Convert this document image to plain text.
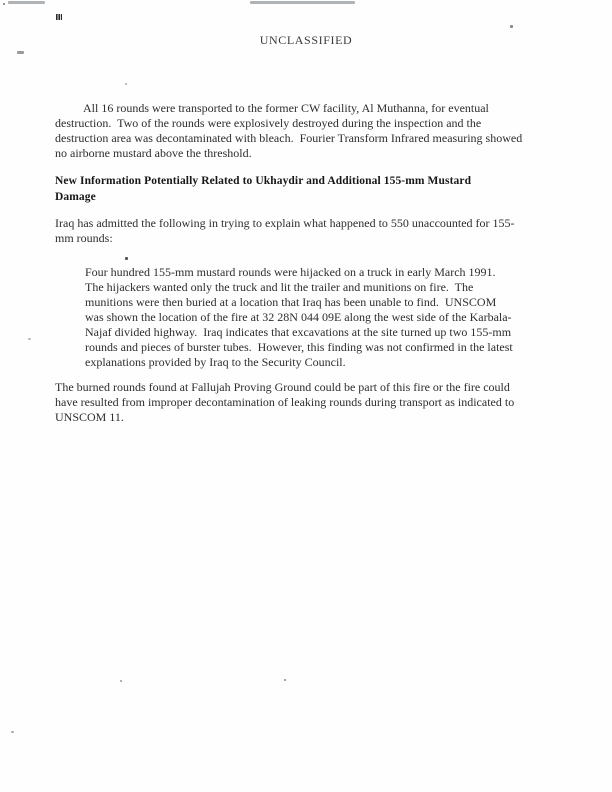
UNCLASSIFIED
All 16 rounds were transported to the former CW facility, Al Muthanna, for eventual
destruction.  Two of the rounds were explosively destroyed during the inspection and the
destruction area was decontaminated with bleach.  Fourier Transform Infrared measuring showed
no airborne mustard above the threshold.
New Information Potentially Related to Ukhaydir and Additional 155-mm Mustard
Damage
Iraq has admitted the following in trying to explain what happened to 550 unaccounted for 155-
mm rounds:
Four hundred 155-mm mustard rounds were hijacked on a truck in early March 1991.
The hijackers wanted only the truck and lit the trailer and munitions on fire.  The
munitions were then buried at a location that Iraq has been unable to find.  UNSCOM
was shown the location of the fire at 32 28N 044 09E along the west side of the Karbala-
Najaf divided highway.  Iraq indicates that excavations at the site turned up two 155-mm
rounds and pieces of burster tubes.  However, this finding was not confirmed in the latest
explanations provided by Iraq to the Security Council.
The burned rounds found at Fallujah Proving Ground could be part of this fire or the fire could
have resulted from improper decontamination of leaking rounds during transport as indicated to
UNSCOM 11.
